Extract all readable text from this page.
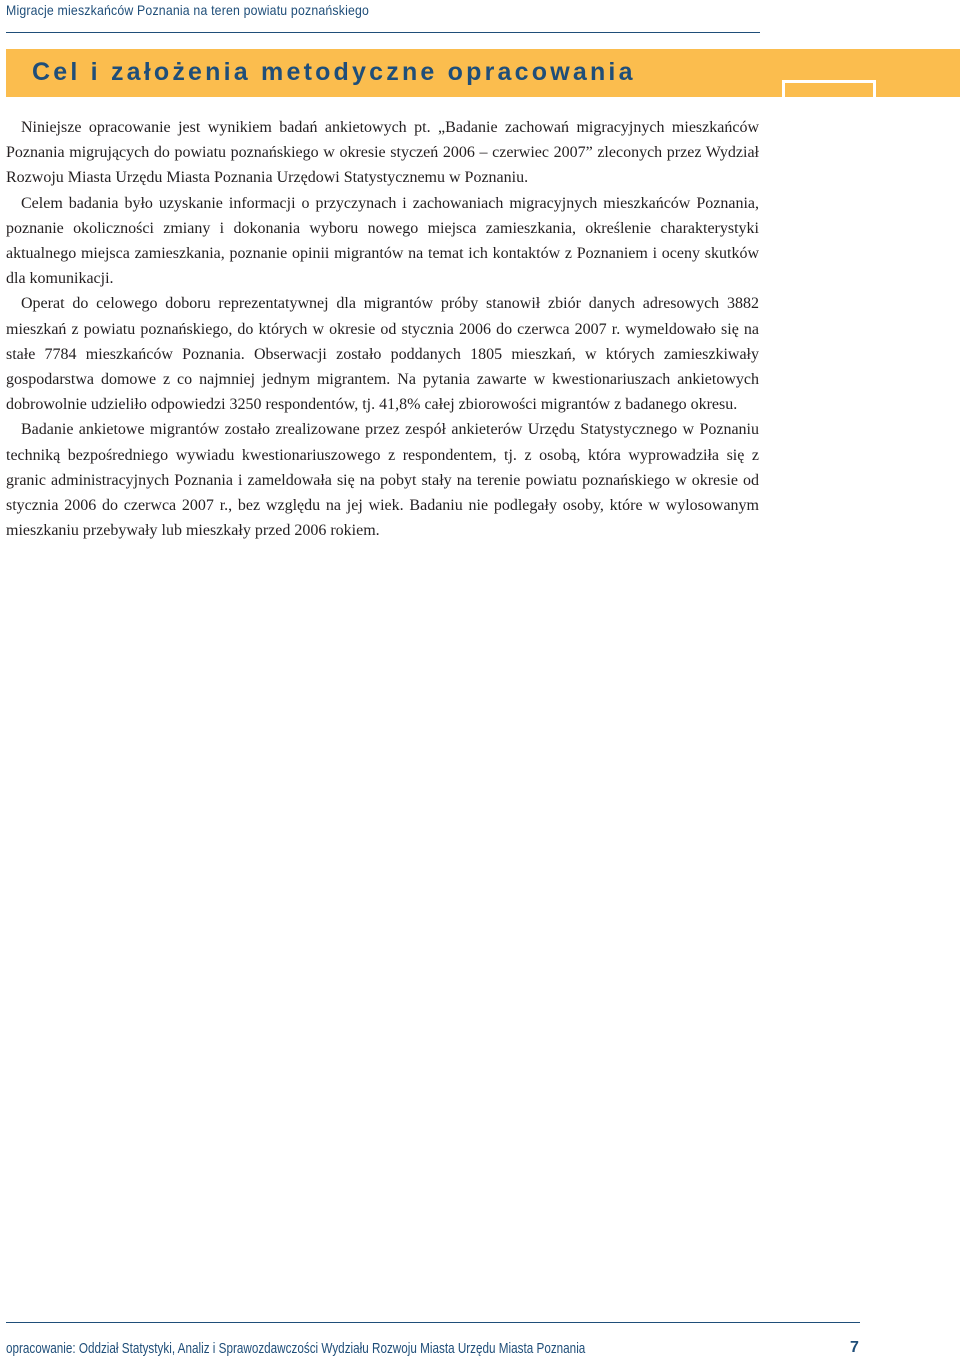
Migracje mieszkańców Poznania na teren powiatu poznańskiego
Cel i założenia metodyczne opracowania

Niniejsze opracowanie jest wynikiem badań ankietowych pt. „Badanie zachowań migracyjnych mieszkańców Poznania migrujących do powiatu poznańskiego w okresie styczeń 2006 – czerwiec 2007” zleconych przez Wydział Rozwoju Miasta Urzędu Miasta Poznania Urzędowi Statystycznemu w Poznaniu.

Celem badania było uzyskanie informacji o przyczynach i zachowaniach migracyjnych mieszkańców Poznania, poznanie okoliczności zmiany i dokonania wyboru nowego miejsca zamieszkania, określenie charakterystyki aktualnego miejsca zamieszkania, poznanie opinii migrantów na temat ich kontaktów z Poznaniem i oceny skutków dla komunikacji.

Operat do celowego doboru reprezentatywnej dla migrantów próby stanowił zbiór danych adresowych 3882 mieszkań z powiatu poznańskiego, do których w okresie od stycznia 2006 do czerwca 2007 r. wymeldowało się na stałe 7784 mieszkańców Poznania. Obserwacji zostało poddanych 1805 mieszkań, w których zamieszkiwały gospodarstwa domowe z co najmniej jednym migrantem. Na pytania zawarte w kwestionariuszach ankietowych dobrowolnie udzieliło odpowiedzi 3250 respondentów, tj. 41,8% całej zbiorowości migrantów z badanego okresu.

Badanie ankietowe migrantów zostało zrealizowane przez zespół ankieterów Urzędu Statystycznego w Poznaniu techniką bezpośredniego wywiadu kwestionariuszowego z respondentem, tj. z osobą, która wyprowadziła się z granic administracyjnych Poznania i zameldowała się na pobyt stały na terenie powiatu poznańskiego w okresie od stycznia 2006 do czerwca 2007 r., bez względu na jej wiek. Badaniu nie podlegały osoby, które w wylosowanym mieszkaniu przebywały lub mieszkały przed 2006 rokiem.

opracowanie: Oddział Statystyki, Analiz i Sprawozdawczości Wydziału Rozwoju Miasta Urzędu Miasta Poznania	7
